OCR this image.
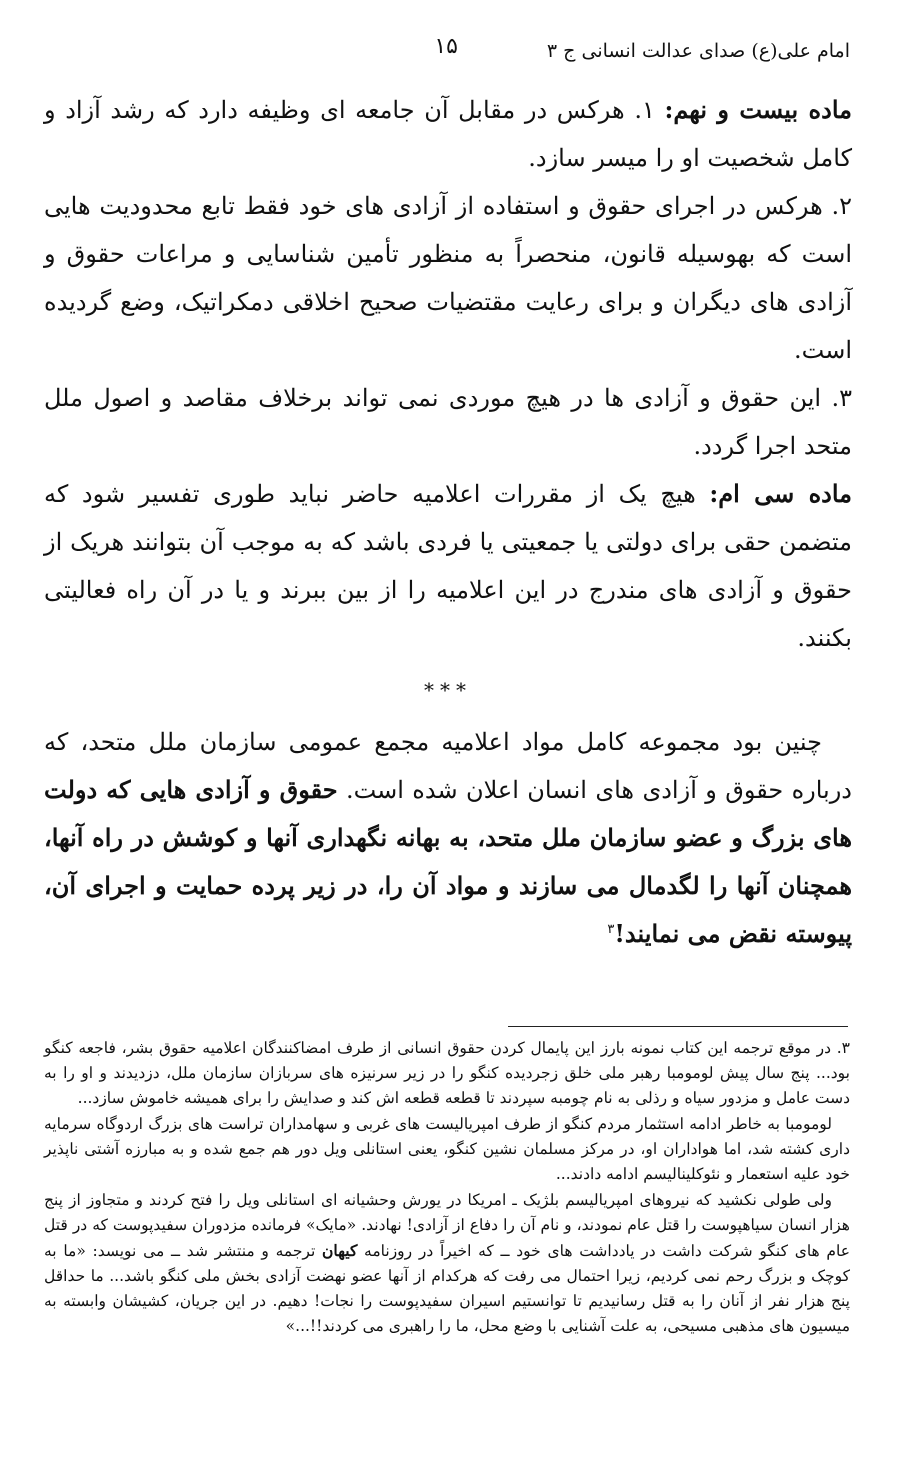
امام علی(ع) صدای عدالت انسانی ج ۳
۱۵

ماده بیست و نهم: ۱. هرکس در مقابل آن جامعه ای وظیفه دارد که رشد آزاد و کامل شخصیت او را میسر سازد.

۲. هرکس در اجرای حقوق و استفاده از آزادی های خود فقط تابع محدودیت هایی است که بهوسیله قانون، منحصراً به منظور تأمین شناسایی و مراعات حقوق و آزادی های دیگران و برای رعایت مقتضیات صحیح اخلاقی دمکراتیک، وضع گردیده است.

۳. این حقوق و آزادی ها در هیچ موردی نمی تواند برخلاف مقاصد و اصول ملل متحد اجرا گردد.

ماده سی ام: هیچ یک از مقررات اعلامیه حاضر نباید طوری تفسیر شود که متضمن حقی برای دولتی یا جمعیتی یا فردی باشد که به موجب آن بتوانند هریک از حقوق و آزادی های مندرج در این اعلامیه را از بین ببرند و یا در آن راه فعالیتی بکنند.

***

چنین بود مجموعه کامل مواد اعلامیه مجمع عمومی سازمان ملل متحد، که درباره حقوق و آزادی های انسان اعلان شده است. حقوق و آزادی هایی که دولت های بزرگ و عضو سازمان ملل متحد، به بهانه نگهداری آنها و کوشش در راه آنها، همچنان آنها را لگدمال می سازند و مواد آن را، در زیر پرده حمایت و اجرای آن، پیوسته نقض می نمایند!$^۳$

۳. در موقع ترجمه این کتاب نمونه بارز این پایمال کردن حقوق انسانی از طرف امضاکنندگان اعلامیه حقوق بشر، فاجعه کنگو بود... پنج سال پیش لومومبا رهبر ملی خلق زجردیده کنگو را در زیر سرنیزه های سربازان سازمان ملل، دزدیدند و او را به دست عامل و مزدور سیاه و رذلی به نام چومبه سپردند تا قطعه قطعه اش کند و صدایش را برای همیشه خاموش سازد...

لومومبا به خاطر ادامه استثمار مردم کنگو از طرف امپریالیست های غربی و سهامداران تراست های بزرگ اردوگاه سرمایه داری کشته شد، اما هواداران او، در مرکز مسلمان نشین کنگو، یعنی استانلی ویل دور هم جمع شده و به مبارزه آشتی ناپذیر خود علیه استعمار و نئوکلینالیسم ادامه دادند...

ولی طولی نکشید که نیروهای امپریالیسم بلژیک ـ امریکا در یورش وحشیانه ای استانلی ویل را فتح کردند و متجاوز از پنج هزار انسان سیاهپوست را قتل عام نمودند، و نام آن را دفاع از آزادی! نهادند. «مایک» فرمانده مزدوران سفیدپوست که در قتل عام های کنگو شرکت داشت در یادداشت های خود ــ که اخیراً در روزنامه کیهان ترجمه و منتشر شد ــ می نویسد: «ما به کوچک و بزرگ رحم نمی کردیم، زیرا احتمال می رفت که هرکدام از آنها عضو نهضت آزادی بخش ملی کنگو باشد... ما حداقل پنج هزار نفر از آنان را به قتل رسانیدیم تا توانستیم اسیران سفیدپوست را نجات! دهیم. در این جریان، کشیشان وابسته به میسیون های مذهبی مسیحی، به علت آشنایی با وضع محل، ما را راهبری می کردند!!...»
